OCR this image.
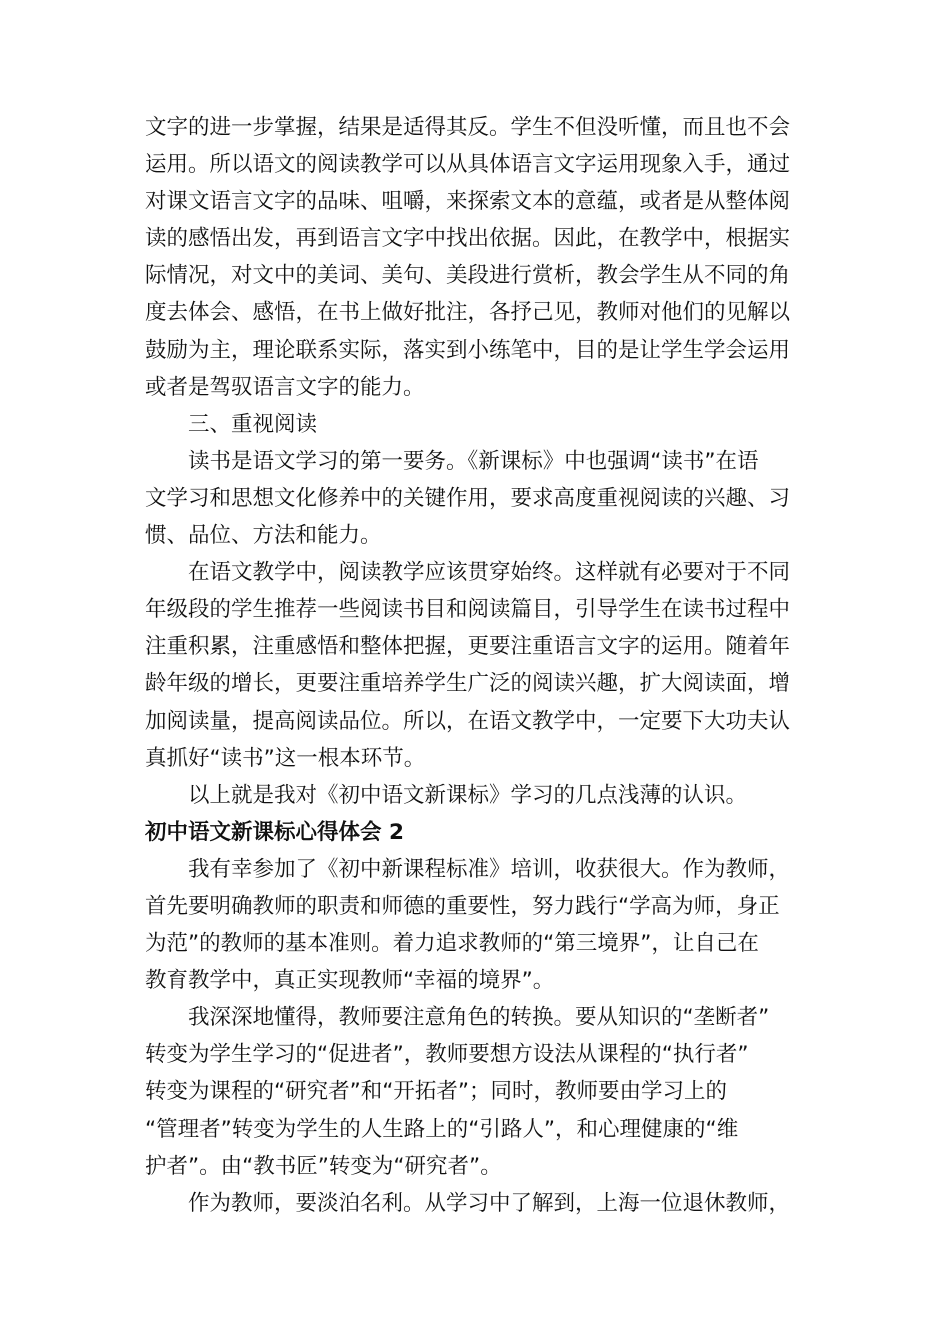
文字的进一步掌握，结果是适得其反。学生不但没听懂，而且也不会
运用。所以语文的阅读教学可以从具体语言文字运用现象入手，通过
对课文语言文字的品味、咀嚼，来探索文本的意蕴，或者是从整体阅
读的感悟出发，再到语言文字中找出依据。因此，在教学中，根据实
际情况，对文中的美词、美句、美段进行赏析，教会学生从不同的角
度去体会、感悟，在书上做好批注，各抒己见，教师对他们的见解以
鼓励为主，理论联系实际，落实到小练笔中，目的是让学生学会运用
或者是驾驭语言文字的能力。
三、重视阅读
读书是语文学习的第一要务。《新课标》中也强调“读书”在语
文学习和思想文化修养中的关键作用，要求高度重视阅读的兴趣、习
惯、品位、方法和能力。
在语文教学中，阅读教学应该贯穿始终。这样就有必要对于不同
年级段的学生推荐一些阅读书目和阅读篇目，引导学生在读书过程中
注重积累，注重感悟和整体把握，更要注重语言文字的运用。随着年
龄年级的增长，更要注重培养学生广泛的阅读兴趣，扩大阅读面，增
加阅读量，提高阅读品位。所以，在语文教学中，一定要下大功夫认
真抓好“读书”这一根本环节。
以上就是我对《初中语文新课标》学习的几点浅薄的认识。
初中语文新课标心得体会 2
我有幸参加了《初中新课程标准》培训，收获很大。作为教师，
首先要明确教师的职责和师德的重要性，努力践行“学高为师，身正
为范”的教师的基本准则。着力追求教师的“第三境界”，让自己在
教育教学中，真正实现教师“幸福的境界”。
我深深地懂得，教师要注意角色的转换。要从知识的“垄断者”
转变为学生学习的“促进者”，教师要想方设法从课程的“执行者”
转变为课程的“研究者”和“开拓者”；同时，教师要由学习上的
“管理者”转变为学生的人生路上的“引路人”，和心理健康的“维
护者”。由“教书匠”转变为“研究者”。
作为教师，要淡泊名利。从学习中了解到，上海一位退休教师，
